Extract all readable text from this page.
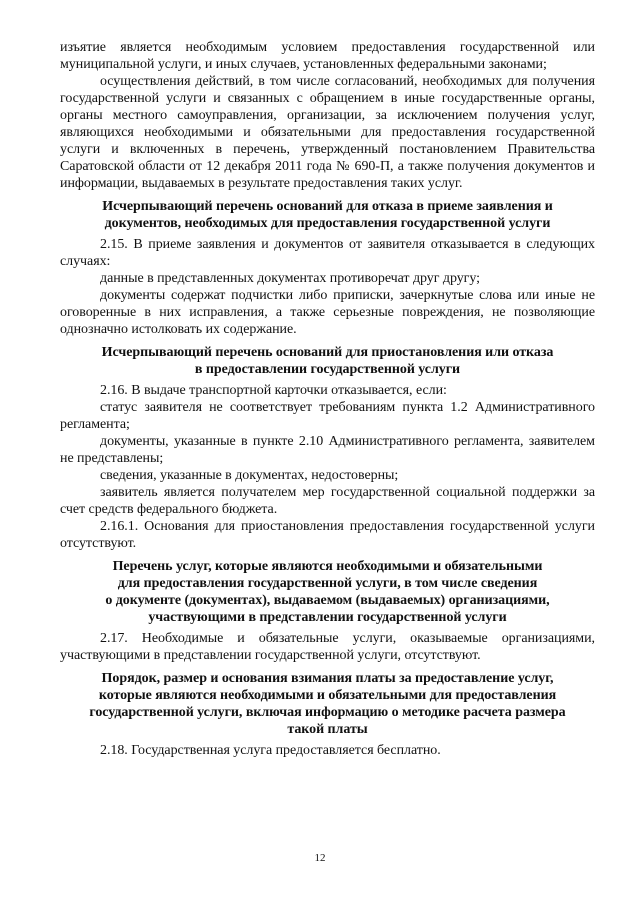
изъятие является необходимым условием предоставления государственной или муниципальной услуги, и иных случаев, установленных федеральными законами;

осуществления действий, в том числе согласований, необходимых для получения государственной услуги и связанных с обращением в иные государственные органы, органы местного самоуправления, организации, за исключением получения услуг, являющихся необходимыми и обязательными для предоставления государственной услуги и включенных в перечень, утвержденный постановлением Правительства Саратовской области от 12 декабря 2011 года № 690-П, а также получения документов и информации, выдаваемых в результате предоставления таких услуг.

Исчерпывающий перечень оснований для отказа в приеме заявления и

документов, необходимых для предоставления государственной услуги

2.15. В приеме заявления и документов от заявителя отказывается в следующих случаях:

данные в представленных документах противоречат друг другу;

документы содержат подчистки либо приписки, зачеркнутые слова или иные не оговоренные в них исправления, а также серьезные повреждения, не позволяющие однозначно истолковать их содержание.

Исчерпывающий перечень оснований для приостановления или отказа

в предоставлении государственной услуги

2.16. В выдаче транспортной карточки отказывается, если:

статус заявителя не соответствует требованиям пункта 1.2 Административного регламента;

документы, указанные в пункте 2.10 Административного регламента, заявителем не представлены;

сведения, указанные в документах, недостоверны;

заявитель является получателем мер государственной социальной поддержки за счет средств федерального бюджета.

2.16.1. Основания для приостановления предоставления государственной услуги отсутствуют.

Перечень услуг, которые являются необходимыми и обязательными

для предоставления государственной услуги, в том числе сведения

о документе (документах), выдаваемом (выдаваемых) организациями,

участвующими в представлении государственной услуги

2.17. Необходимые и обязательные услуги, оказываемые организациями, участвующими в представлении государственной услуги, отсутствуют.

Порядок, размер и основания взимания платы за предоставление услуг,

которые являются необходимыми и обязательными для предоставления

государственной услуги, включая информацию о методике расчета размера

такой платы

2.18. Государственная услуга предоставляется бесплатно.

12
